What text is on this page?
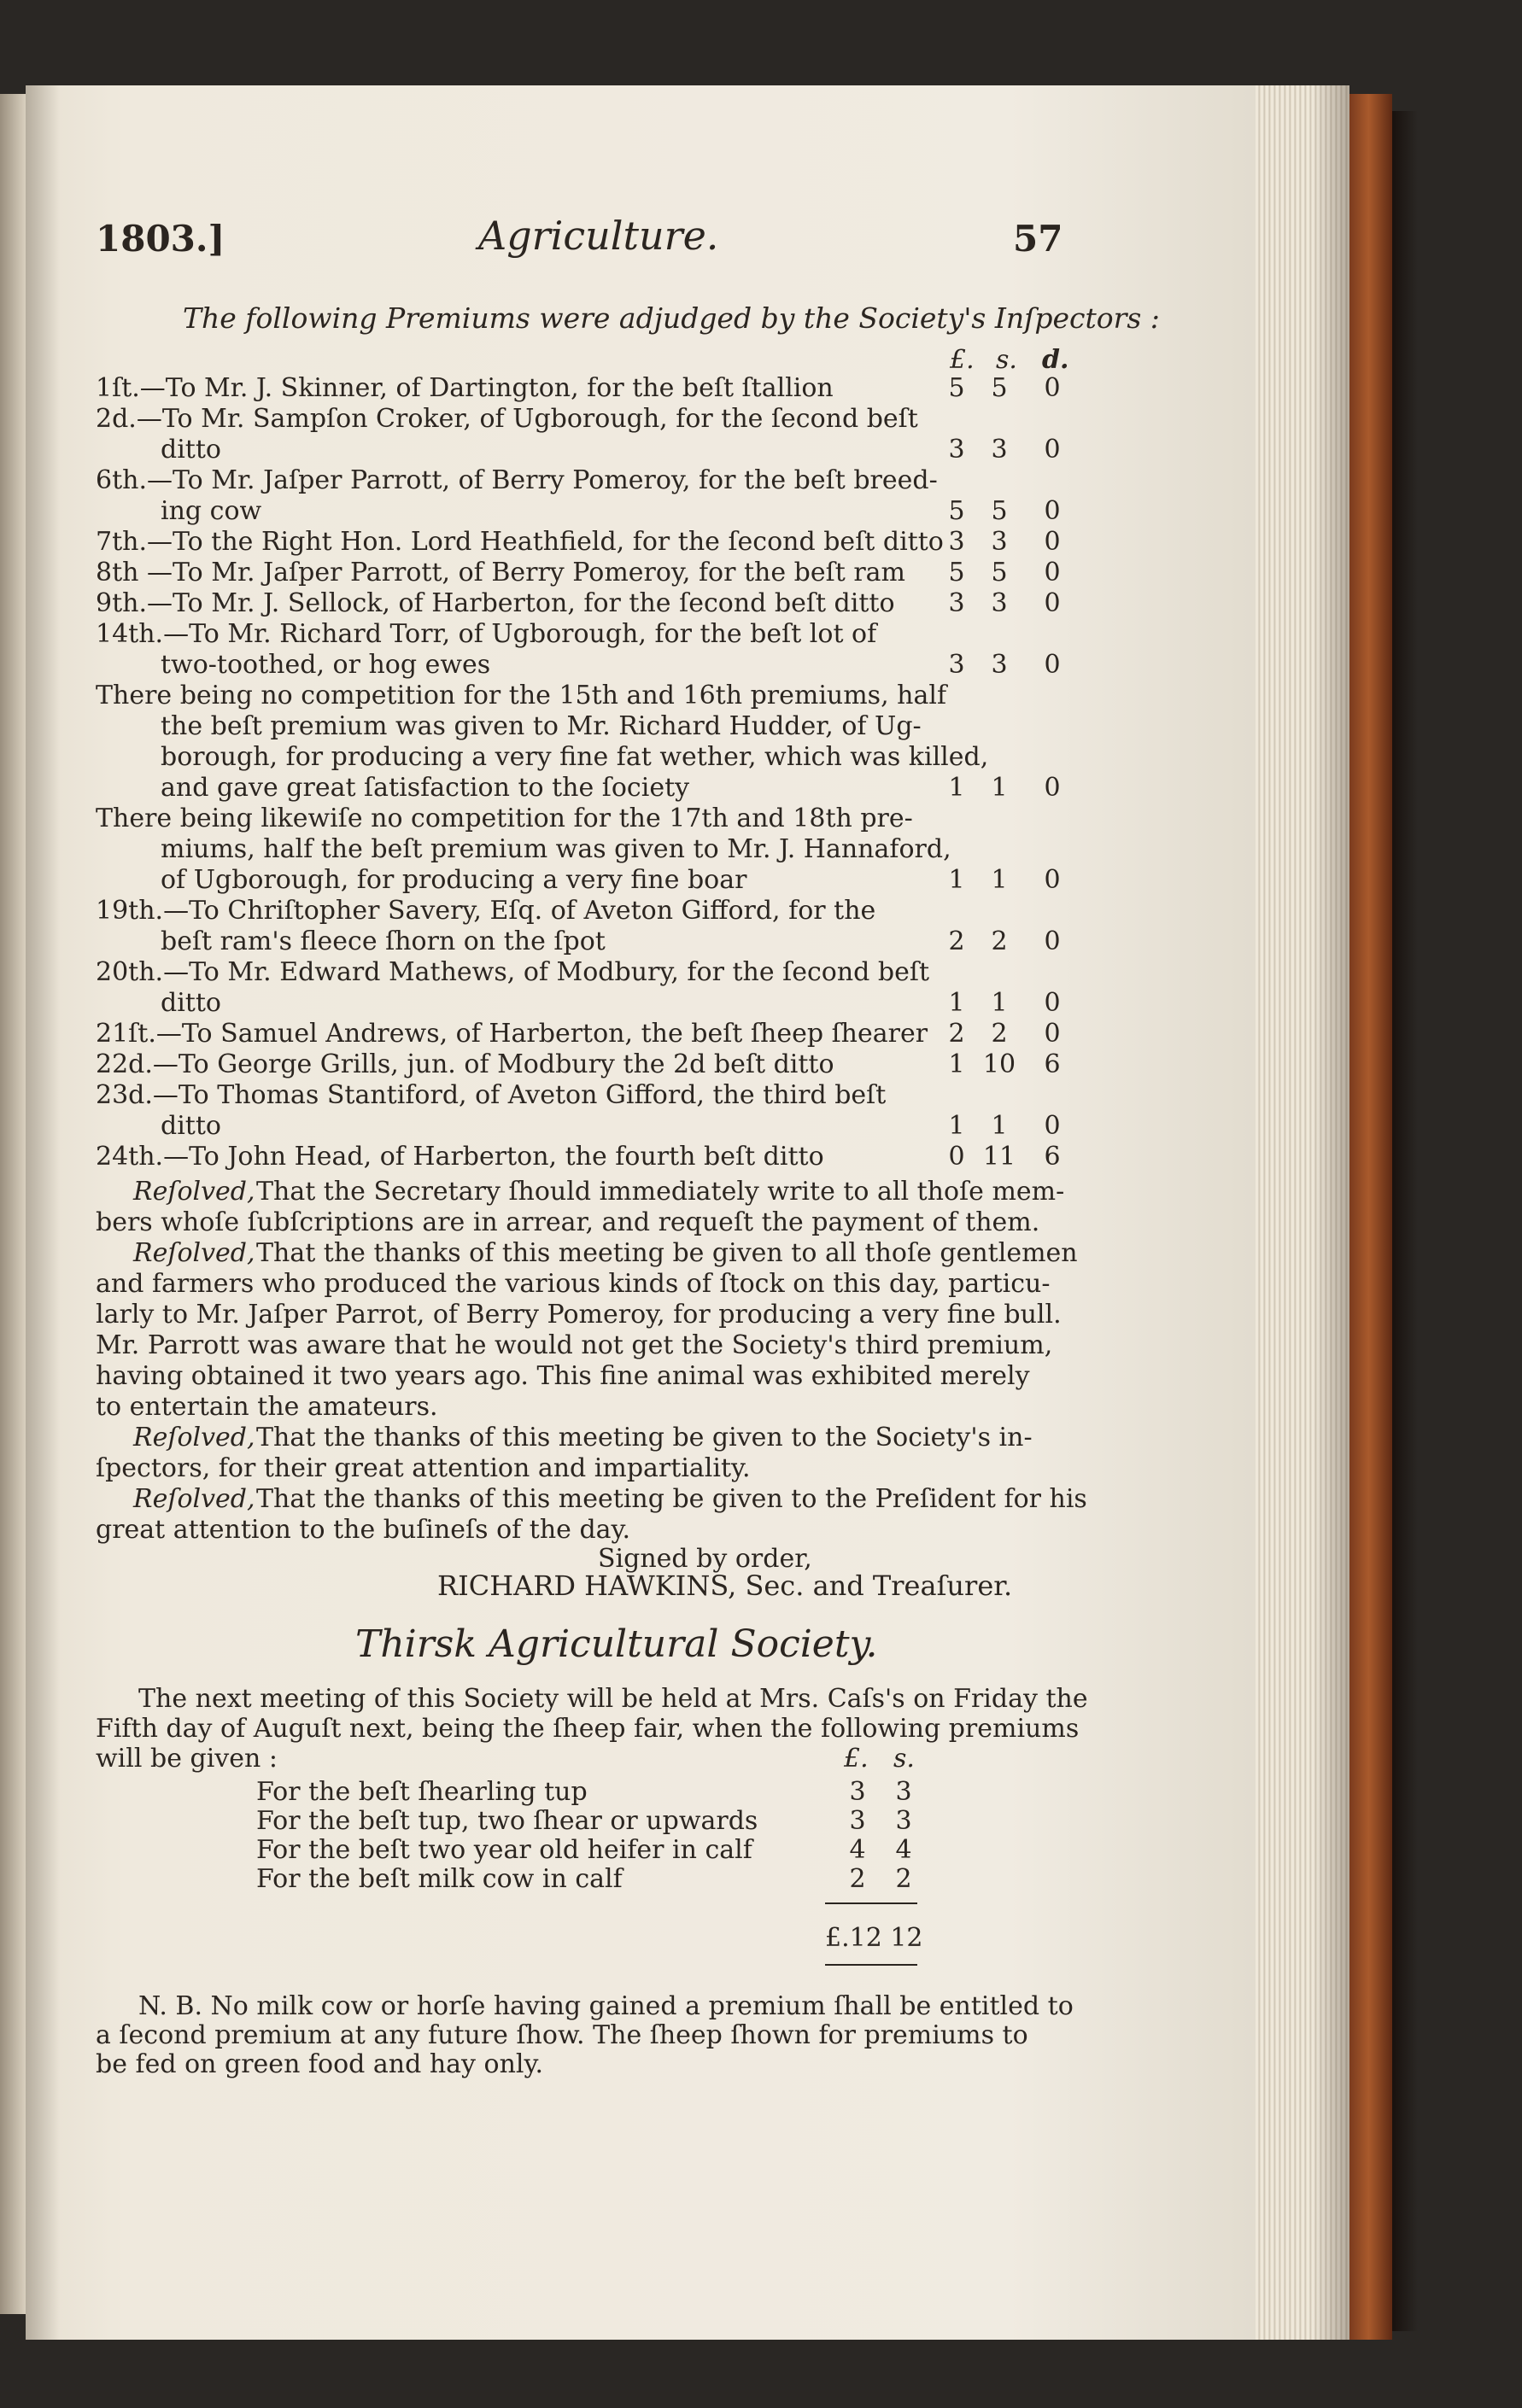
1803.]	Agriculture.	57
The following Premiums were adjudged by the Society's Inſpectors :
£. s. d.
1ſt.—To Mr. J. Skinner, of Dartington, for the beſt ſtallion	5	5	0
2d.—To Mr. Sampſon Croker, of Ugborough, for the ſecond beſt
ditto	3	3	0
6th.—To Mr. Jaſper Parrott, of Berry Pomeroy, for the beſt breed-
ing cow	5	5	0
7th.—To the Right Hon. Lord Heathfield, for the ſecond beſt ditto 3	3	0
8th —To Mr. Jaſper Parrott, of Berry Pomeroy, for the beſt ram	5	5	0
9th.—To Mr. J. Sellock, of Harberton, for the ſecond beſt ditto	3	3	0
14th.—To Mr. Richard Torr, of Ugborough, for the beſt lot of
two-toothed, or hog ewes	3	3	0
There being no competition for the 15th and 16th premiums, half
the beſt premium was given to Mr. Richard Hudder, of Ug-
borough, for producing a very fine fat wether, which was killed,
and gave great ſatisfaction to the ſociety	1	1	0
There being likewiſe no competition for the 17th and 18th pre-
miums, half the beſt premium was given to Mr. J. Hannaford,
of Ugborough, for producing a very fine boar	1	1	0
19th.—To Chriſtopher Savery, Eſq. of Aveton Gifford, for the
beſt ram's fleece ſhorn on the ſpot	2	2	0
20th.—To Mr. Edward Mathews, of Modbury, for the ſecond beſt
ditto	1	1	0
21ſt.—To Samuel Andrews, of Harberton, the beſt ſheep ſhearer 2	2	0
22d.—To George Grills, jun. of Modbury the 2d beſt ditto	1 10	6
23d.—To Thomas Stantiford, of Aveton Gifford, the third beſt
ditto	1	1	0
24th.—To John Head, of Harberton, the fourth beſt ditto	0 11	6
Reſolved, That the Secretary ſhould immediately write to all thoſe mem-
bers whoſe ſubſcriptions are in arrear, and requeſt the payment of them.
Reſolved, That the thanks of this meeting be given to all thoſe gentlemen
and farmers who produced the various kinds of ſtock on this day, particu-
larly to Mr. Jaſper Parrot, of Berry Pomeroy, for producing a very fine bull.
Mr. Parrott was aware that he would not get the Society's third premium,
having obtained it two years ago. This fine animal was exhibited merely
to entertain the amateurs.
Reſolved, That the thanks of this meeting be given to the Society's in-
ſpectors, for their great attention and impartiality.
Reſolved, That the thanks of this meeting be given to the Preſident for his
great attention to the buſineſs of the day.
Signed by order,
RICHARD HAWKINS, Sec. and Treaſurer.
Thirsk Agricultural Society.
The next meeting of this Society will be held at Mrs. Caſs's on Friday the
Fifth day of Auguſt next, being the ſheep fair, when the following premiums
will be given :	£. s.
For the beſt ſhearling tup	3 3
For the beſt tup, two ſhear or upwards	3 3
For the beſt two year old heifer in calf	4 4
For the beſt milk cow in calf	2 2
£.12 12
N. B. No milk cow or horſe having gained a premium ſhall be entitled to
a ſecond premium at any future ſhow. The ſheep ſhown for premiums to
be fed on green food and hay only.
